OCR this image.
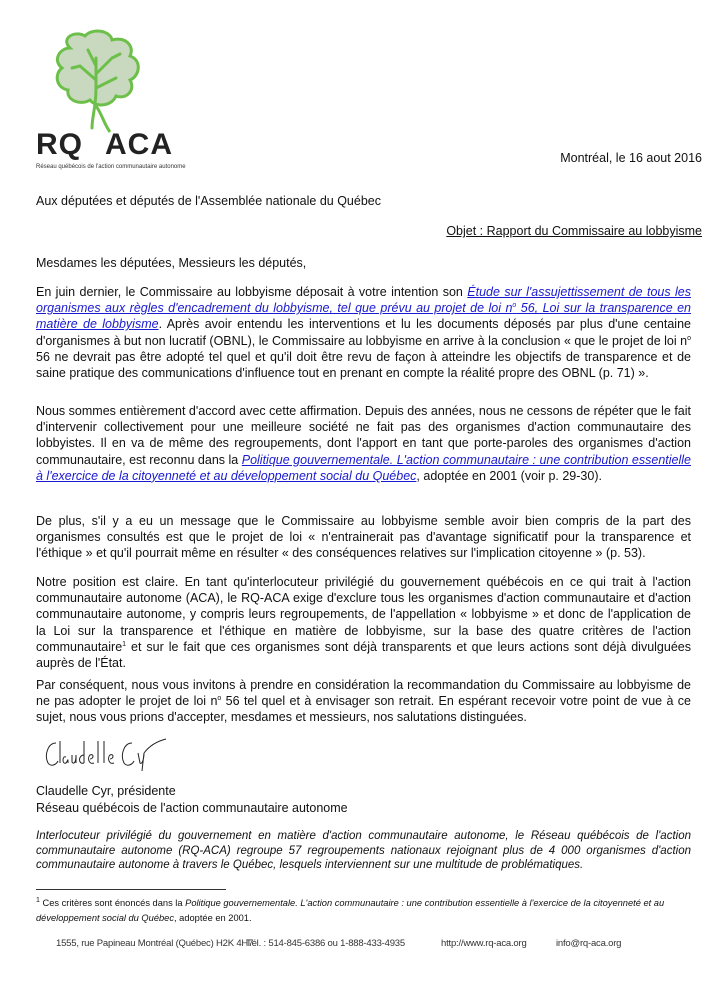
RQ ACA
Réseau québécois de l'action communautaire autonome
Montréal, le 16 aout 2016
Aux députées et députés de l'Assemblée nationale du Québec
Objet : Rapport du Commissaire au lobbyisme
Mesdames les députées, Messieurs les députés,
En juin dernier, le Commissaire au lobbyisme déposait à votre intention son Étude sur l'assujettissement de tous les organismes aux règles d'encadrement du lobbyisme, tel que prévu au projet de loi $n^o$ 56, Loi sur la transparence en matière de lobbyisme. Après avoir entendu les interventions et lu les documents déposés par plus d'une centaine d'organismes à but non lucratif (OBNL), le Commissaire au lobbyisme en arrive à la conclusion « que le projet de loi $n^o$ 56 ne devrait pas être adopté tel quel et qu'il doit être revu de façon à atteindre les objectifs de transparence et de saine pratique des communications d'influence tout en prenant en compte la réalité propre des OBNL (p. 71) ».
Nous sommes entièrement d'accord avec cette affirmation. Depuis des années, nous ne cessons de répéter que le fait d'intervenir collectivement pour une meilleure société ne fait pas des organismes d'action communautaire des lobbyistes. Il en va de même des regroupements, dont l'apport en tant que porte-paroles des organismes d'action communautaire, est reconnu dans la Politique gouvernementale. L'action communautaire : une contribution essentielle à l'exercice de la citoyenneté et au développement social du Québec, adoptée en 2001 (voir p. 29-30).
De plus, s'il y a eu un message que le Commissaire au lobbyisme semble avoir bien compris de la part des organismes consultés est que le projet de loi « n'entrainerait pas d'avantage significatif pour la transparence et l'éthique » et qu'il pourrait même en résulter « des conséquences relatives sur l'implication citoyenne » (p. 53).
Notre position est claire. En tant qu'interlocuteur privilégié du gouvernement québécois en ce qui trait à l'action communautaire autonome (ACA), le RQ-ACA exige d'exclure tous les organismes d'action communautaire et d'action communautaire autonome, y compris leurs regroupements, de l'appellation « lobbyisme » et donc de l'application de la Loi sur la transparence et l'éthique en matière de lobbyisme, sur la base des quatre critères de l'action communautaire$^1$ et sur le fait que ces organismes sont déjà transparents et que leurs actions sont déjà divulguées auprès de l'État.
Par conséquent, nous vous invitons à prendre en considération la recommandation du Commissaire au lobbyisme de ne pas adopter le projet de loi $n^o$ 56 tel quel et à envisager son retrait. En espérant recevoir votre point de vue à ce sujet, nous vous prions d'accepter, mesdames et messieurs, nos salutations distinguées.
Claudelle Cyr, présidente
Réseau québécois de l'action communautaire autonome
Interlocuteur privilégié du gouvernement en matière d'action communautaire autonome, le Réseau québécois de l'action communautaire autonome (RQ-ACA) regroupe 57 regroupements nationaux rejoignant plus de 4 000 organismes d'action communautaire autonome à travers le Québec, lesquels interviennent sur une multitude de problématiques.
$^1$ Ces critères sont énoncés dans la Politique gouvernementale. L'action communautaire : une contribution essentielle à l'exercice de la citoyenneté et au développement social du Québec, adoptée en 2001.
1555, rue Papineau Montréal (Québec) H2K 4H7
Tél. : 514-845-6386 ou 1-888-433-4935	http://www.rq-aca.org	info@rq-aca.org
